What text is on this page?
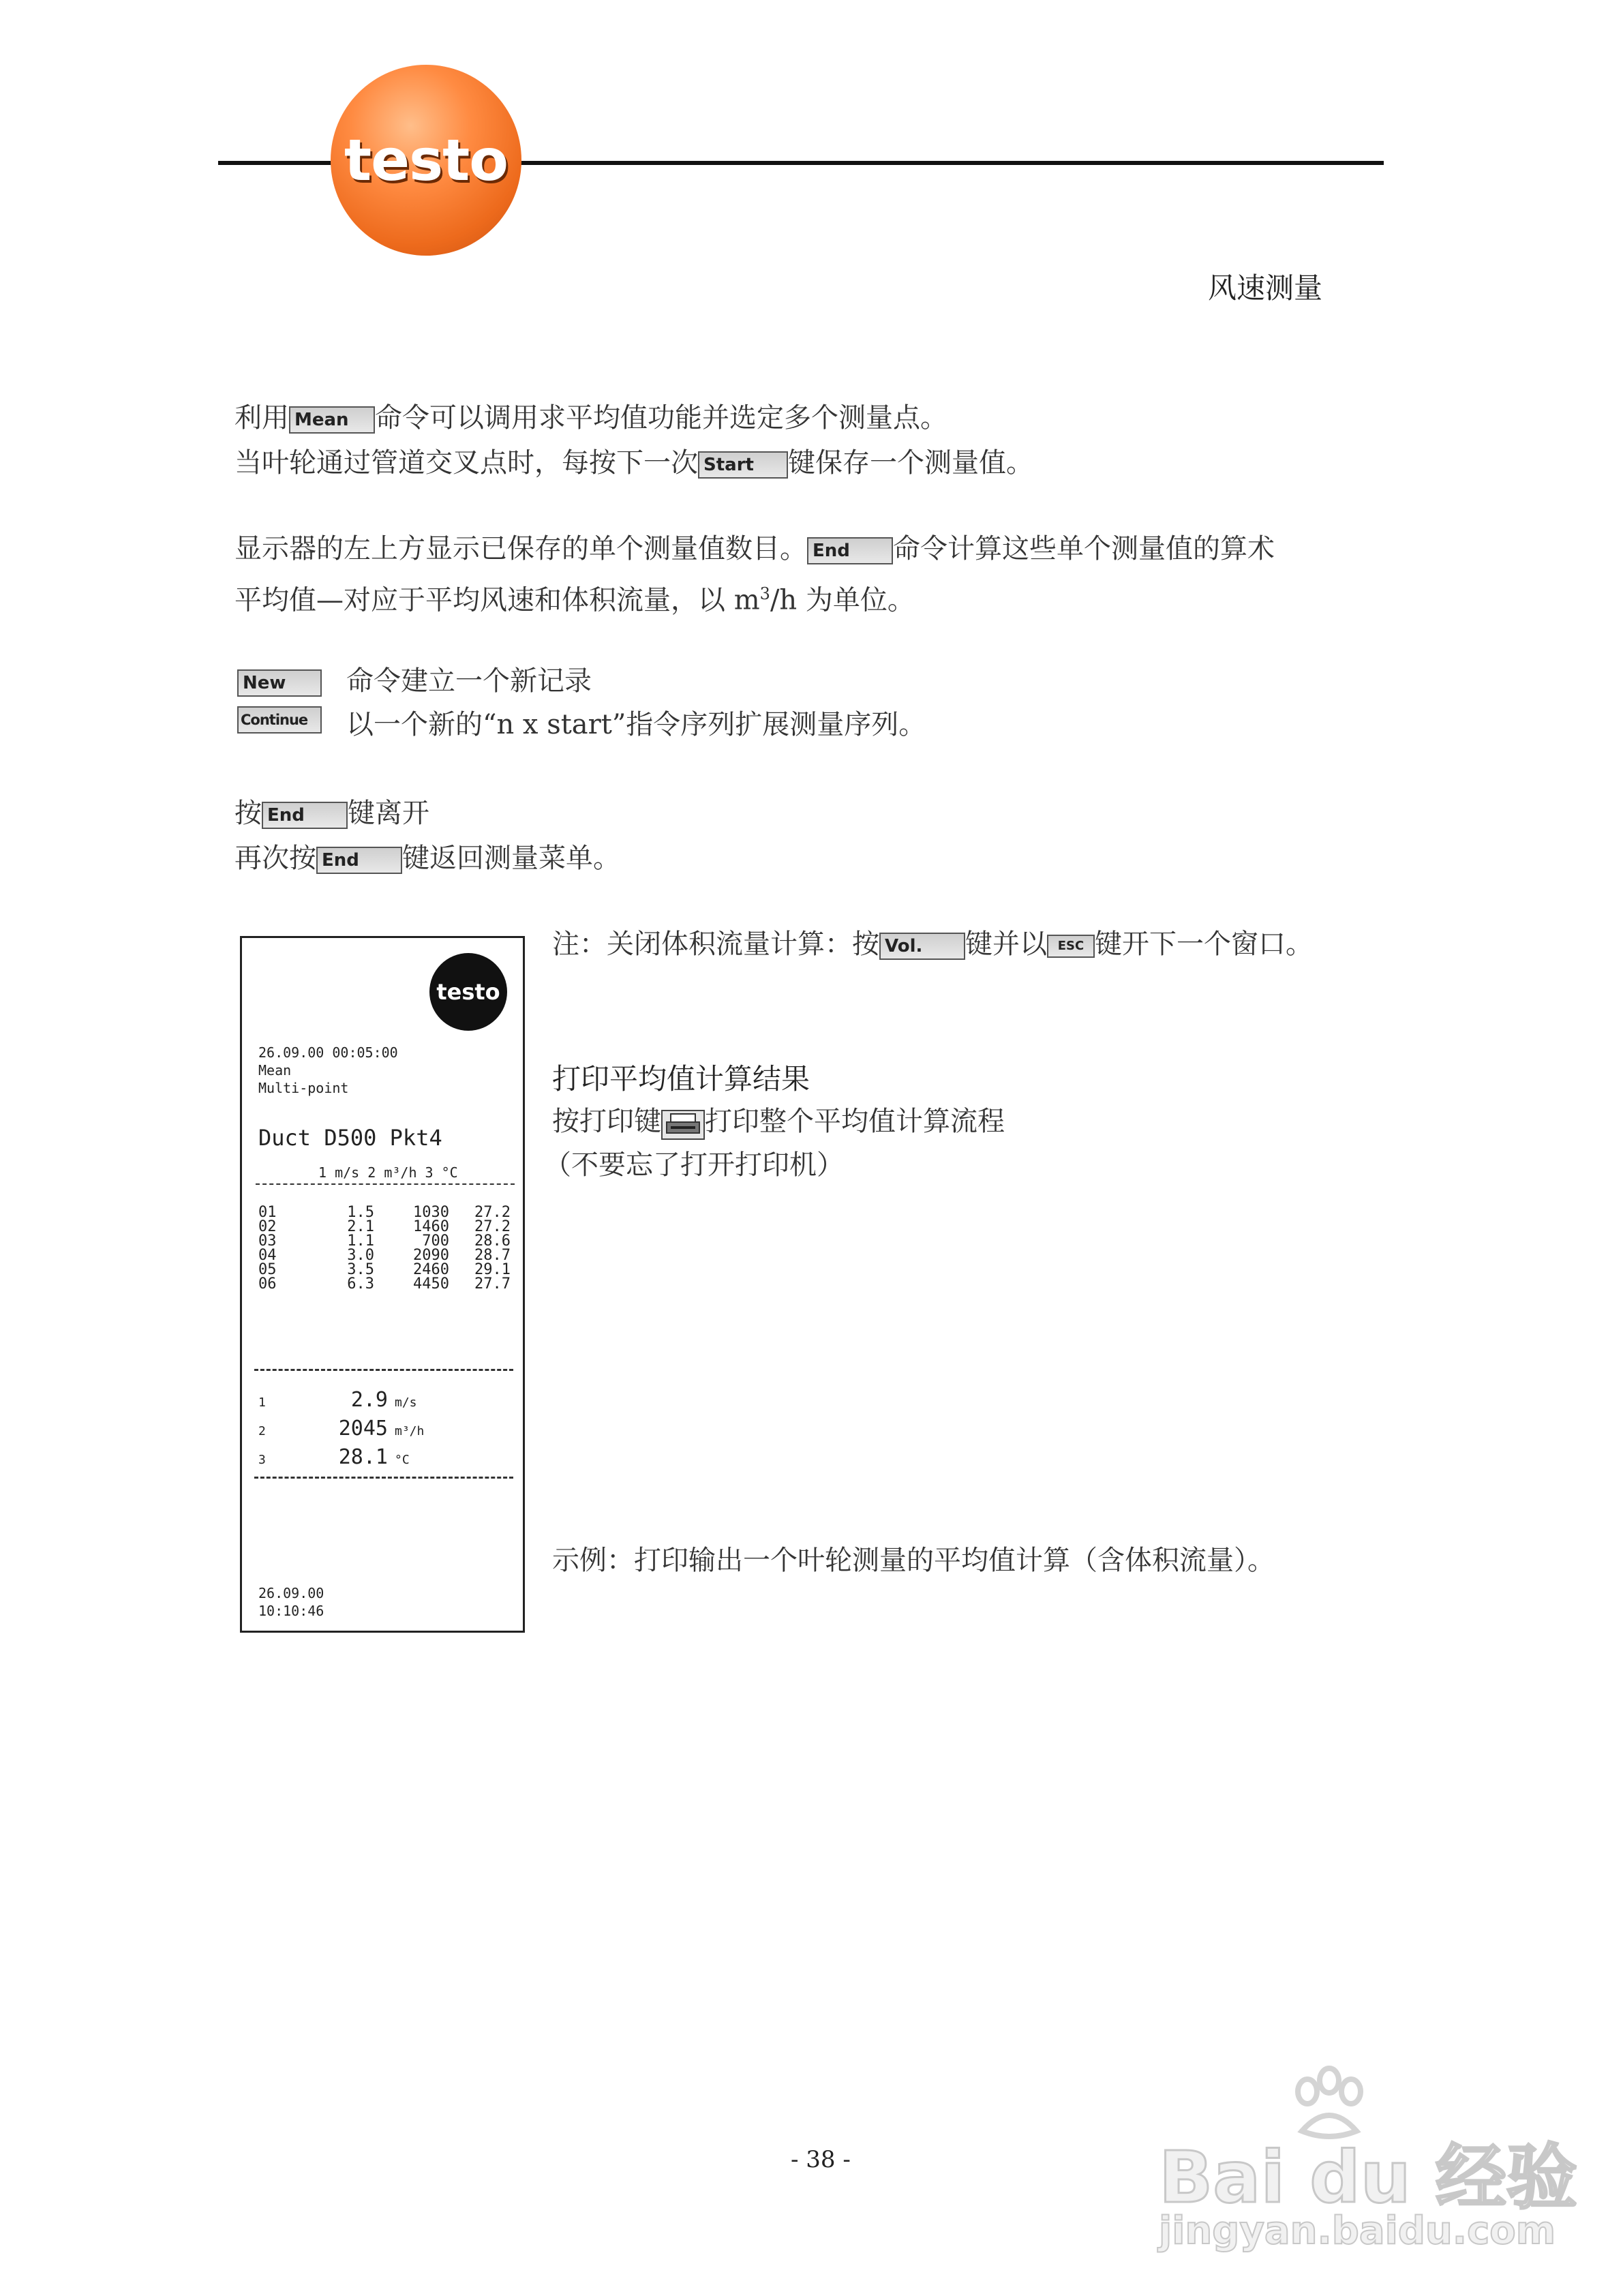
testo
风速测量
利用 Mean 命令可以调用求平均值功能并选定多个测量点。
当叶轮通过管道交叉点时，每按下一次 Start 键保存一个测量值。
显示器的左上方显示已保存的单个测量值数目。 End 命令计算这些单个测量值的算术
平均值—对应于平均风速和体积流量，以 $m^3/h$ 为单位。
New	命令建立一个新记录
Continue	以一个新的“n x start”指令序列扩展测量序列。
按 End 键离开
再次按 End 键返回测量菜单。
testo
26.09.00 00:05:00
Mean
Multi-point
Duct D500 Pkt4
1 m/s 2 m³/h 3 °C
01	1.5	1030	27.2
02	2.1	1460	27.2
03	1.1	700	28.6
04	3.0	2090	28.7
05	3.5	2460	29.1
06	6.3	4450	27.7
1	2.9 m/s
2	2045 m³/h
3	28.1 °C
26.09.00
10:10:46
注：关闭体积流量计算：按 Vol. 键并以 ESC 键开下一个窗口。
打印平均值计算结果
按打印键 打印整个平均值计算流程
（不要忘了打开打印机）
示例：打印输出一个叶轮测量的平均值计算（含体积流量）。
- 38 -	Bai du 经验
jingyan.baidu.com
